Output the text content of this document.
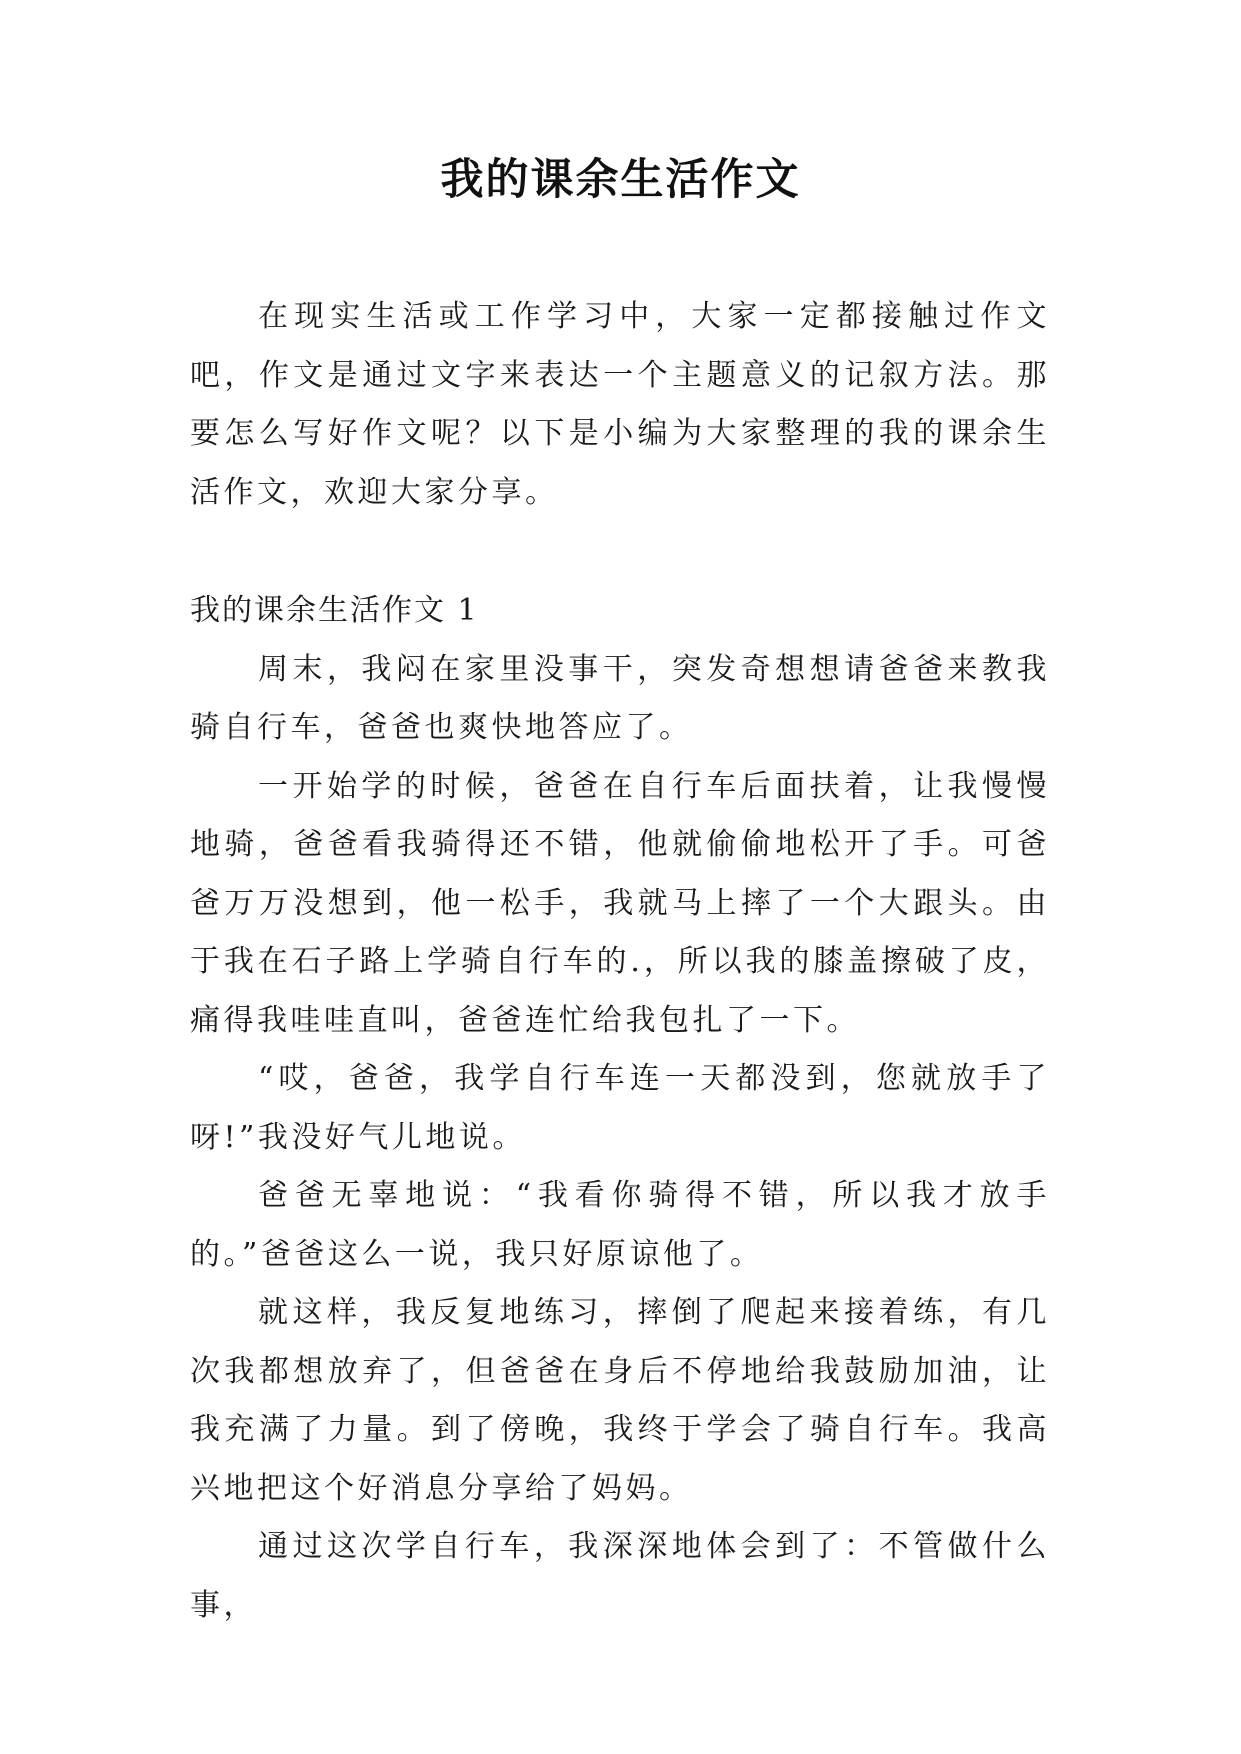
我的课余生活作文

在现实生活或工作学习中，大家一定都接触过作文吧，作文是通过文字来表达一个主题意义的记叙方法。那要怎么写好作文呢？以下是小编为大家整理的我的课余生活作文，欢迎大家分享。

我的课余生活作文 1

周末，我闷在家里没事干，突发奇想想请爸爸来教我骑自行车，爸爸也爽快地答应了。

一开始学的时候，爸爸在自行车后面扶着，让我慢慢地骑，爸爸看我骑得还不错，他就偷偷地松开了手。可爸爸万万没想到，他一松手，我就马上摔了一个大跟头。由于我在石子路上学骑自行车的.，所以我的膝盖擦破了皮，痛得我哇哇直叫，爸爸连忙给我包扎了一下。

“哎，爸爸，我学自行车连一天都没到，您就放手了呀!”我没好气儿地说。

爸爸无辜地说：“我看你骑得不错，所以我才放手的。”爸爸这么一说，我只好原谅他了。

就这样，我反复地练习，摔倒了爬起来接着练，有几次我都想放弃了，但爸爸在身后不停地给我鼓励加油，让我充满了力量。到了傍晚，我终于学会了骑自行车。我高兴地把这个好消息分享给了妈妈。

通过这次学自行车，我深深地体会到了：不管做什么事，
